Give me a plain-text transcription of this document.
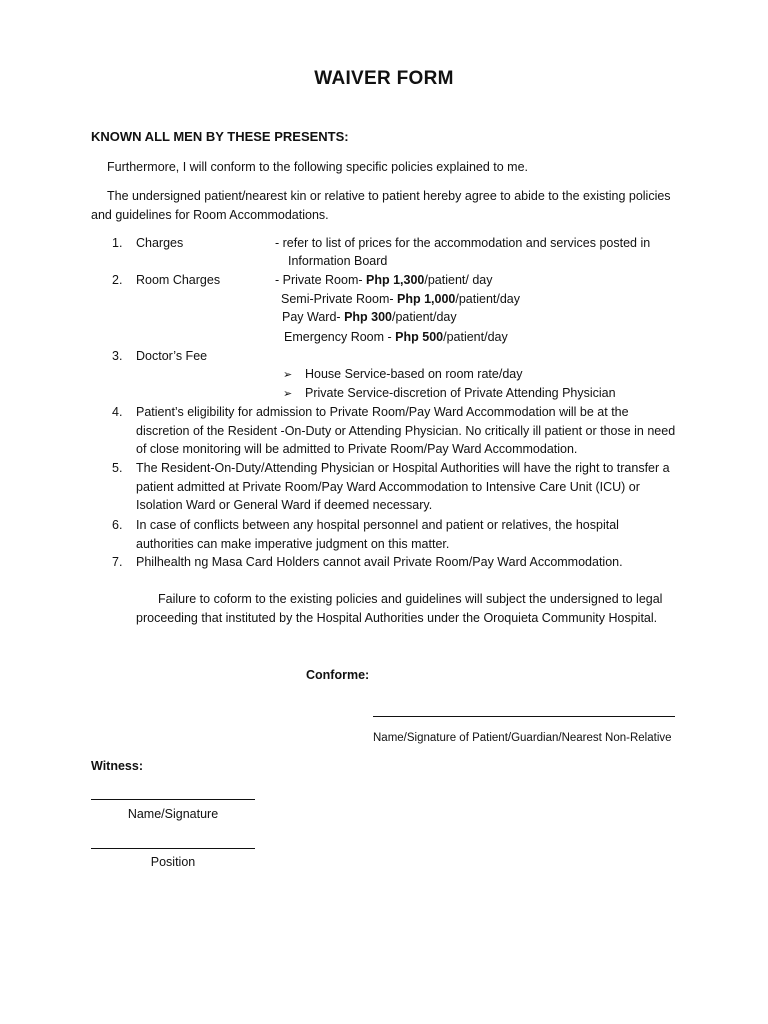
WAIVER FORM
KNOWN ALL MEN BY THESE PRESENTS:
Furthermore, I will conform to the following specific policies explained to me.
The undersigned patient/nearest kin or relative to patient hereby agree to abide to the existing policies and guidelines for Room Accommodations.
1.	Charges	- refer to list of prices for the accommodation and services posted in
Information Board
2.	Room Charges	- Private Room- Php 1,300/patient/ day
Semi-Private Room- Php 1,000/patient/day
Pay Ward- Php 300/patient/day
Emergency Room - Php 500/patient/day
3.	Doctor’s Fee
➢ House Service-based on room rate/day
➢ Private Service-discretion of Private Attending Physician
4.	Patient’s eligibility for admission to Private Room/Pay Ward Accommodation will be at the discretion of the Resident -On-Duty or Attending Physician. No critically ill patient or those in need of close monitoring will be admitted to Private Room/Pay Ward Accommodation.
5.	The Resident-On-Duty/Attending Physician or Hospital Authorities will have the right to transfer a patient admitted at Private Room/Pay Ward Accommodation to Intensive Care Unit (ICU) or Isolation Ward or General Ward if deemed necessary.
6.	In case of conflicts between any hospital personnel and patient or relatives, the hospital authorities can make imperative judgment on this matter.
7.	Philhealth ng Masa Card Holders cannot avail Private Room/Pay Ward Accommodation.
Failure to coform to the existing policies and guidelines will subject the undersigned to legal proceeding that instituted by the Hospital Authorities under the Oroquieta Community Hospital.
Conforme:
Name/Signature of Patient/Guardian/Nearest Non-Relative
Witness:
Name/Signature
Position
